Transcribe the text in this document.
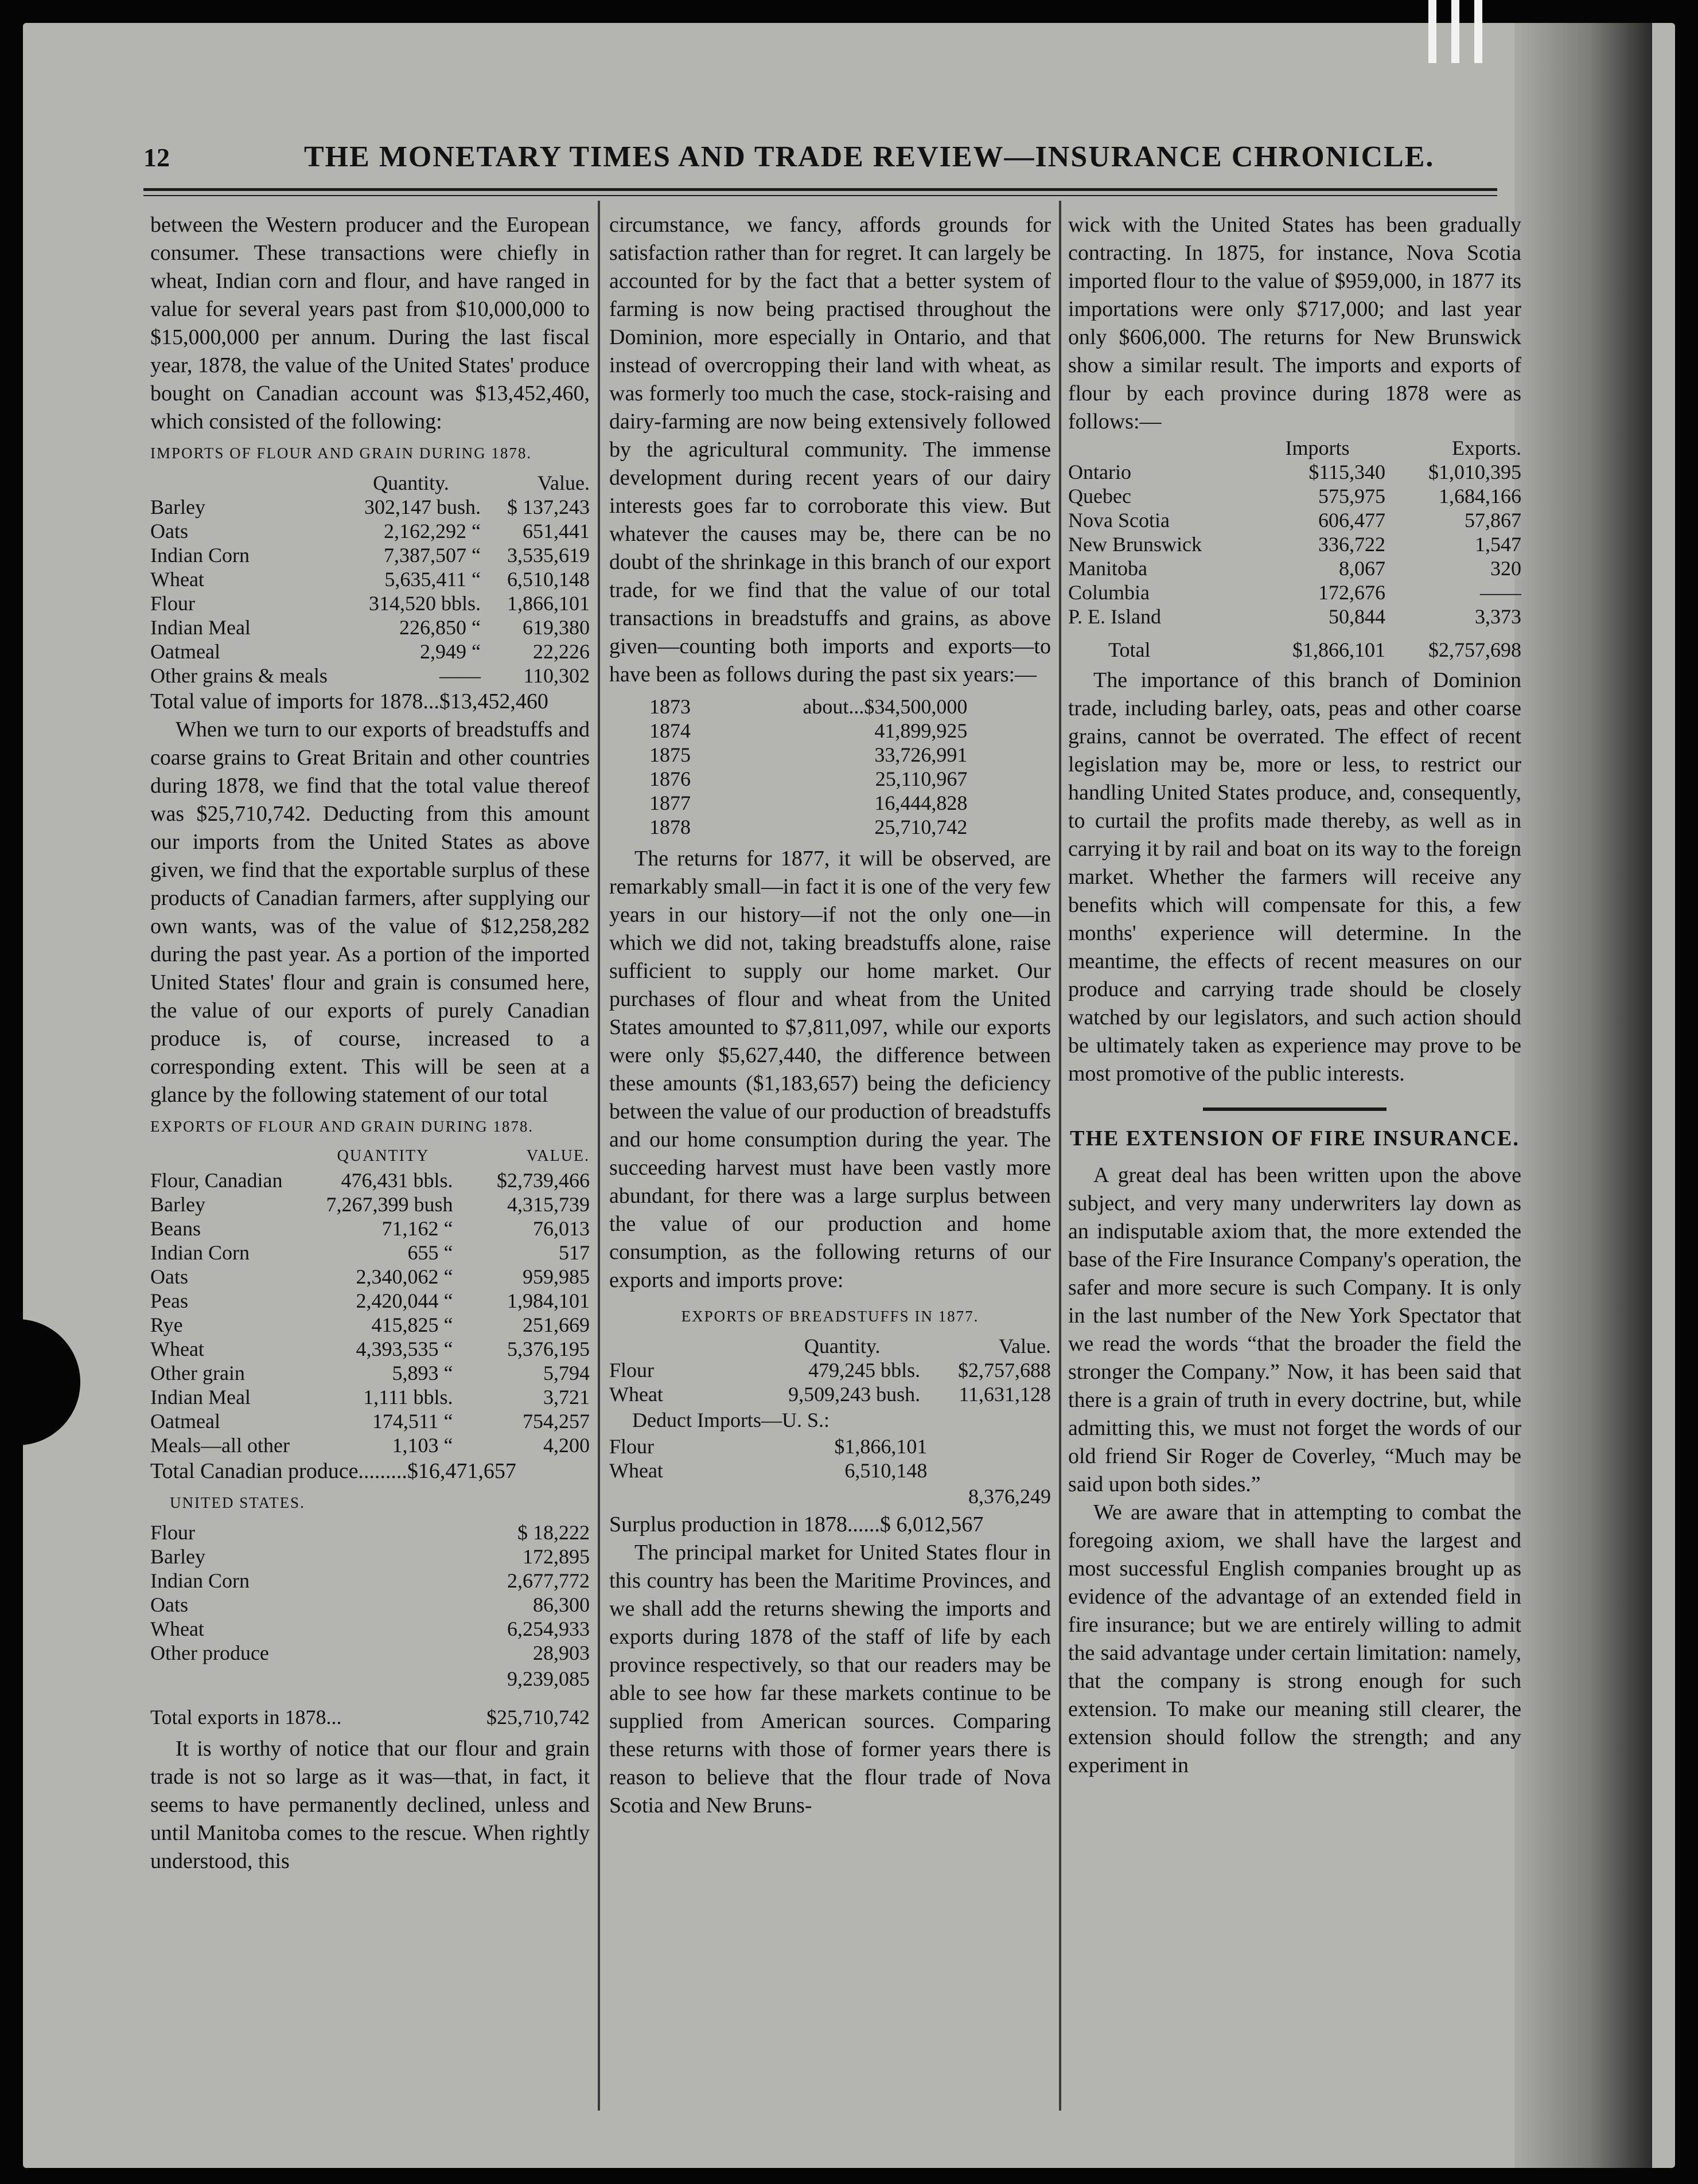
12	THE MONETARY TIMES AND TRADE REVIEW—INSURANCE CHRONICLE.

between the Western producer and the European consumer. These transactions were chiefly in wheat, Indian corn and flour, and have ranged in value for several years past from $10,000,000 to $15,000,000 per annum. During the last fiscal year, 1878, the value of the United States' produce bought on Canadian account was $13,452,460, which consisted of the following:

IMPORTS OF FLOUR AND GRAIN DURING 1878.
	Quantity.	Value.
Barley	302,147 bush.	$ 137,243
Oats	2,162,292 “	651,441
Indian Corn	7,387,507 “	3,535,619
Wheat	5,635,411 “	6,510,148
Flour	314,520 bbls.	1,866,101
Indian Meal	226,850 “	619,380
Oatmeal	2,949 “	22,226
Other grains & meals	——	110,302

Total value of imports for 1878...$13,452,460

When we turn to our exports of breadstuffs and coarse grains to Great Britain and other countries during 1878, we find that the total value thereof was $25,710,742. Deducting from this amount our imports from the United States as above given, we find that the exportable surplus of these products of Canadian farmers, after supplying our own wants, was of the value of $12,258,282 during the past year. As a portion of the imported United States' flour and grain is consumed here, the value of our exports of purely Canadian produce is, of course, increased to a corresponding extent. This will be seen at a glance by the following statement of our total

EXPORTS OF FLOUR AND GRAIN DURING 1878.
	QUANTITY	VALUE.
Flour, Canadian	476,431 bbls.	$2,739,466
Barley	7,267,399 bush	4,315,739
Beans	71,162 “	76,013
Indian Corn	655 “	517
Oats	2,340,062 “	959,985
Peas	2,420,044 “	1,984,101
Rye	415,825 “	251,669
Wheat	4,393,535 “	5,376,195
Other grain	5,893 “	5,794
Indian Meal	1,111 bbls.	3,721
Oatmeal	174,511 “	754,257
Meals—all other	1,103 “	4,200

Total Canadian produce.........$16,471,657

UNITED STATES.
Flour	$ 18,222
Barley	172,895
Indian Corn	2,677,772
Oats	86,300
Wheat	6,254,933
Other produce	28,903
9,239,085
Total exports in 1878...	$25,710,742

It is worthy of notice that our flour and grain trade is not so large as it was—that, in fact, it seems to have permanently declined, unless and until Manitoba comes to the rescue. When rightly understood, this

circumstance, we fancy, affords grounds for satisfaction rather than for regret. It can largely be accounted for by the fact that a better system of farming is now being practised throughout the Dominion, more especially in Ontario, and that instead of overcropping their land with wheat, as was formerly too much the case, stock-raising and dairy-farming are now being extensively followed by the agricultural community. The immense development during recent years of our dairy interests goes far to corroborate this view. But whatever the causes may be, there can be no doubt of the shrinkage in this branch of our export trade, for we find that the value of our total transactions in breadstuffs and grains, as above given—counting both imports and exports—to have been as follows during the past six years:—

1873	about...$34,500,000
1874	41,899,925
1875	33,726,991
1876	25,110,967
1877	16,444,828
1878	25,710,742

The returns for 1877, it will be observed, are remarkably small—in fact it is one of the very few years in our history—if not the only one—in which we did not, taking breadstuffs alone, raise sufficient to supply our home market. Our purchases of flour and wheat from the United States amounted to $7,811,097, while our exports were only $5,627,440, the difference between these amounts ($1,183,657) being the deficiency between the value of our production of breadstuffs and our home consumption during the year. The succeeding harvest must have been vastly more abundant, for there was a large surplus between the value of our production and home consumption, as the following returns of our exports and imports prove:

EXPORTS OF BREADSTUFFS IN 1877.
	Quantity.	Value.
Flour	479,245 bbls.	$2,757,688
Wheat	9,509,243 bush.	11,631,128
Deduct Imports—U. S.:
Flour	$1,866,101
Wheat	6,510,148
8,376,249

Surplus production in 1878......$ 6,012,567

The principal market for United States flour in this country has been the Maritime Provinces, and we shall add the returns shewing the imports and exports during 1878 of the staff of life by each province respectively, so that our readers may be able to see how far these markets continue to be supplied from American sources. Comparing these returns with those of former years there is reason to believe that the flour trade of Nova Scotia and New Bruns-

wick with the United States has been gradually contracting. In 1875, for instance, Nova Scotia imported flour to the value of $959,000, in 1877 its importations were only $717,000; and last year only $606,000. The returns for New Brunswick show a similar result. The imports and exports of flour by each province during 1878 were as follows:—

	Imports	Exports.
Ontario	$115,340	$1,010,395
Quebec	575,975	1,684,166
Nova Scotia	606,477	57,867
New Brunswick	336,722	1,547
Manitoba	8,067	320
Columbia	172,676	——
P. E. Island	50,844	3,373

Total	$1,866,101	$2,757,698

The importance of this branch of Dominion trade, including barley, oats, peas and other coarse grains, cannot be overrated. The effect of recent legislation may be, more or less, to restrict our handling United States produce, and, consequently, to curtail the profits made thereby, as well as in carrying it by rail and boat on its way to the foreign market. Whether the farmers will receive any benefits which will compensate for this, a few months' experience will determine. In the meantime, the effects of recent measures on our produce and carrying trade should be closely watched by our legislators, and such action should be ultimately taken as experience may prove to be most promotive of the public interests.

THE EXTENSION OF FIRE INSURANCE.

A great deal has been written upon the above subject, and very many underwriters lay down as an indisputable axiom that, the more extended the base of the Fire Insurance Company's operation, the safer and more secure is such Company. It is only in the last number of the New York Spectator that we read the words “that the broader the field the stronger the Company.” Now, it has been said that there is a grain of truth in every doctrine, but, while admitting this, we must not forget the words of our old friend Sir Roger de Coverley, “Much may be said upon both sides.”

We are aware that in attempting to combat the foregoing axiom, we shall have the largest and most successful English companies brought up as evidence of the advantage of an extended field in fire insurance; but we are entirely willing to admit the said advantage under certain limitation: namely, that the company is strong enough for such extension. To make our meaning still clearer, the extension should follow the strength; and any experiment in
